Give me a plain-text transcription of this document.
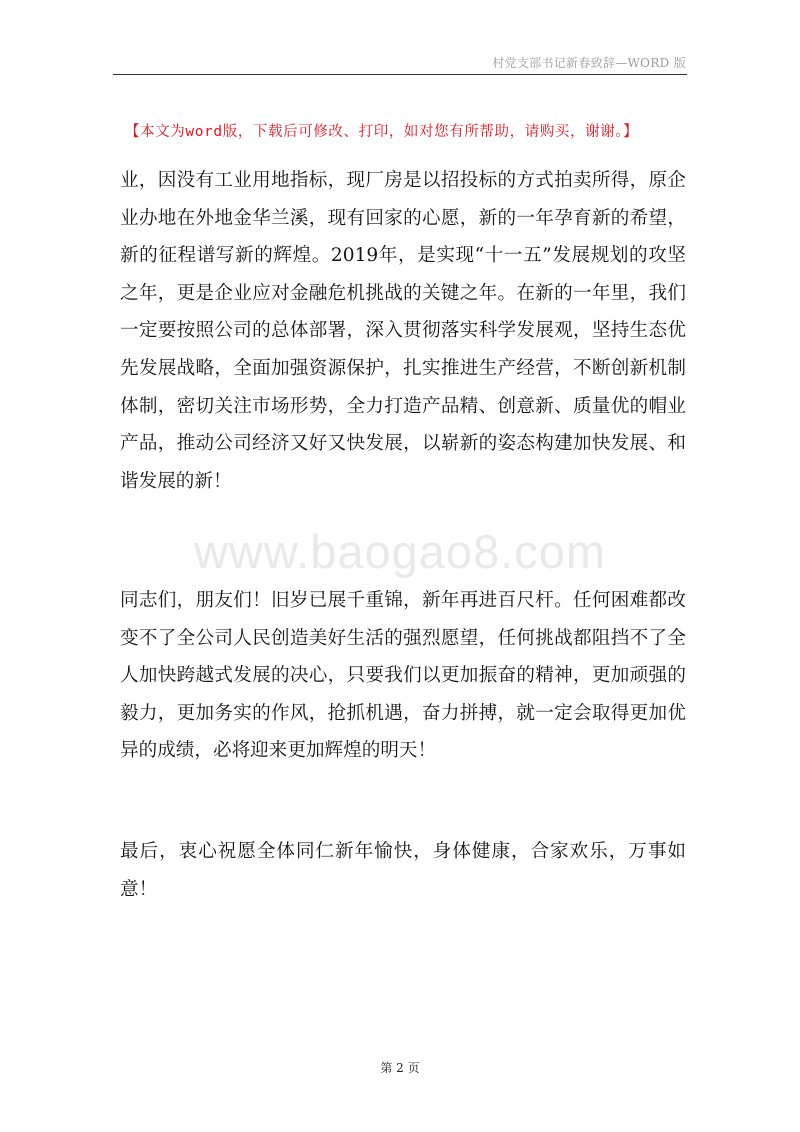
村党支部书记新春致辞—WORD 版
【本文为word版，下载后可修改、打印，如对您有所帮助，请购买，谢谢。】
业，因没有工业用地指标，现厂房是以招投标的方式拍卖所得，原企业办地在外地金华兰溪，现有回家的心愿，新的一年孕育新的希望，新的征程谱写新的辉煌。2019年，是实现“十一五”发展规划的攻坚之年，更是企业应对金融危机挑战的关键之年。在新的一年里，我们一定要按照公司的总体部署，深入贯彻落实科学发展观，坚持生态优先发展战略，全面加强资源保护，扎实推进生产经营，不断创新机制体制，密切关注市场形势，全力打造产品精、创意新、质量优的帽业产品，推动公司经济又好又快发展，以崭新的姿态构建加快发展、和谐发展的新！
www.baogao8.com
同志们，朋友们！旧岁已展千重锦，新年再进百尺杆。任何困难都改变不了全公司人民创造美好生活的强烈愿望，任何挑战都阻挡不了全人加快跨越式发展的决心，只要我们以更加振奋的精神，更加顽强的毅力，更加务实的作风，抢抓机遇，奋力拼搏，就一定会取得更加优异的成绩，必将迎来更加辉煌的明天！
最后，衷心祝愿全体同仁新年愉快，身体健康，合家欢乐，万事如意！
第 2 页
